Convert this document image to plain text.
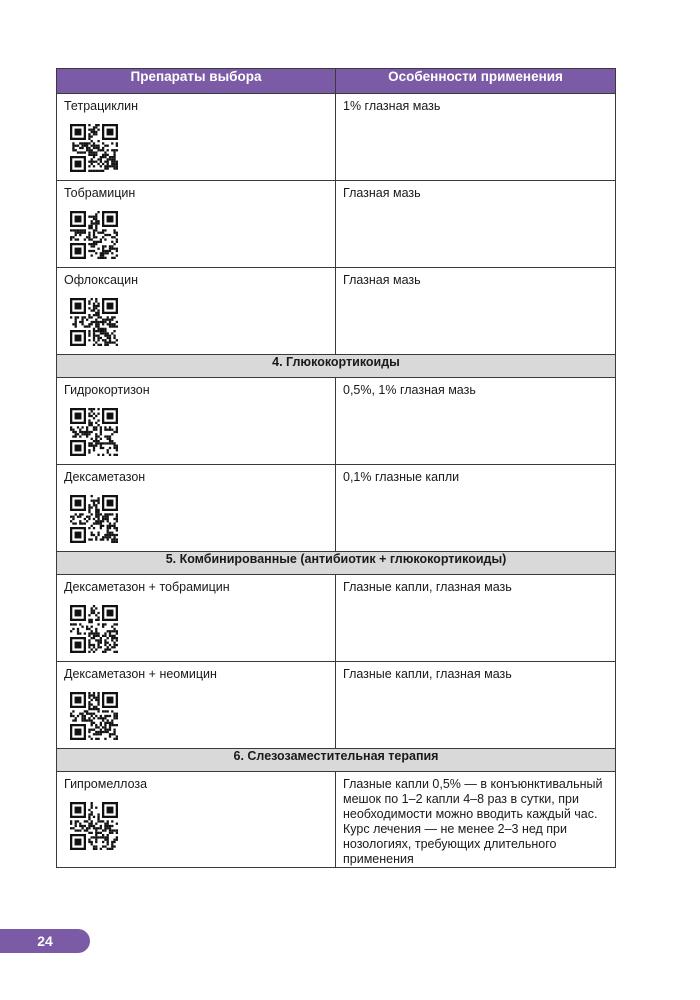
Препараты выбора	Особенности применения

Тетрациклин	1% глазная мазь

Тобрамицин	Глазная мазь

Офлоксацин	Глазная мазь

4. Глюкокортикоиды	

Гидрокортизон	0,5%, 1% глазная мазь

Дексаметазон	0,1% глазные капли

5. Комбинированные (антибиотик + глюкокортикоиды)	

Дексаметазон + тобрамицин	Глазные капли, глазная мазь

Дексаметазон + неомицин	Глазные капли, глазная мазь

6. Слезозаместительная терапия	

Гипромеллоза	Глазные капли 0,5% — в конъюнктивальный мешок по 1–2 капли 4–8 раз в сутки, при необходимости можно вводить каждый час. Курс лечения — не менее 2–3 нед при нозологиях, требующих длительного применения
24
